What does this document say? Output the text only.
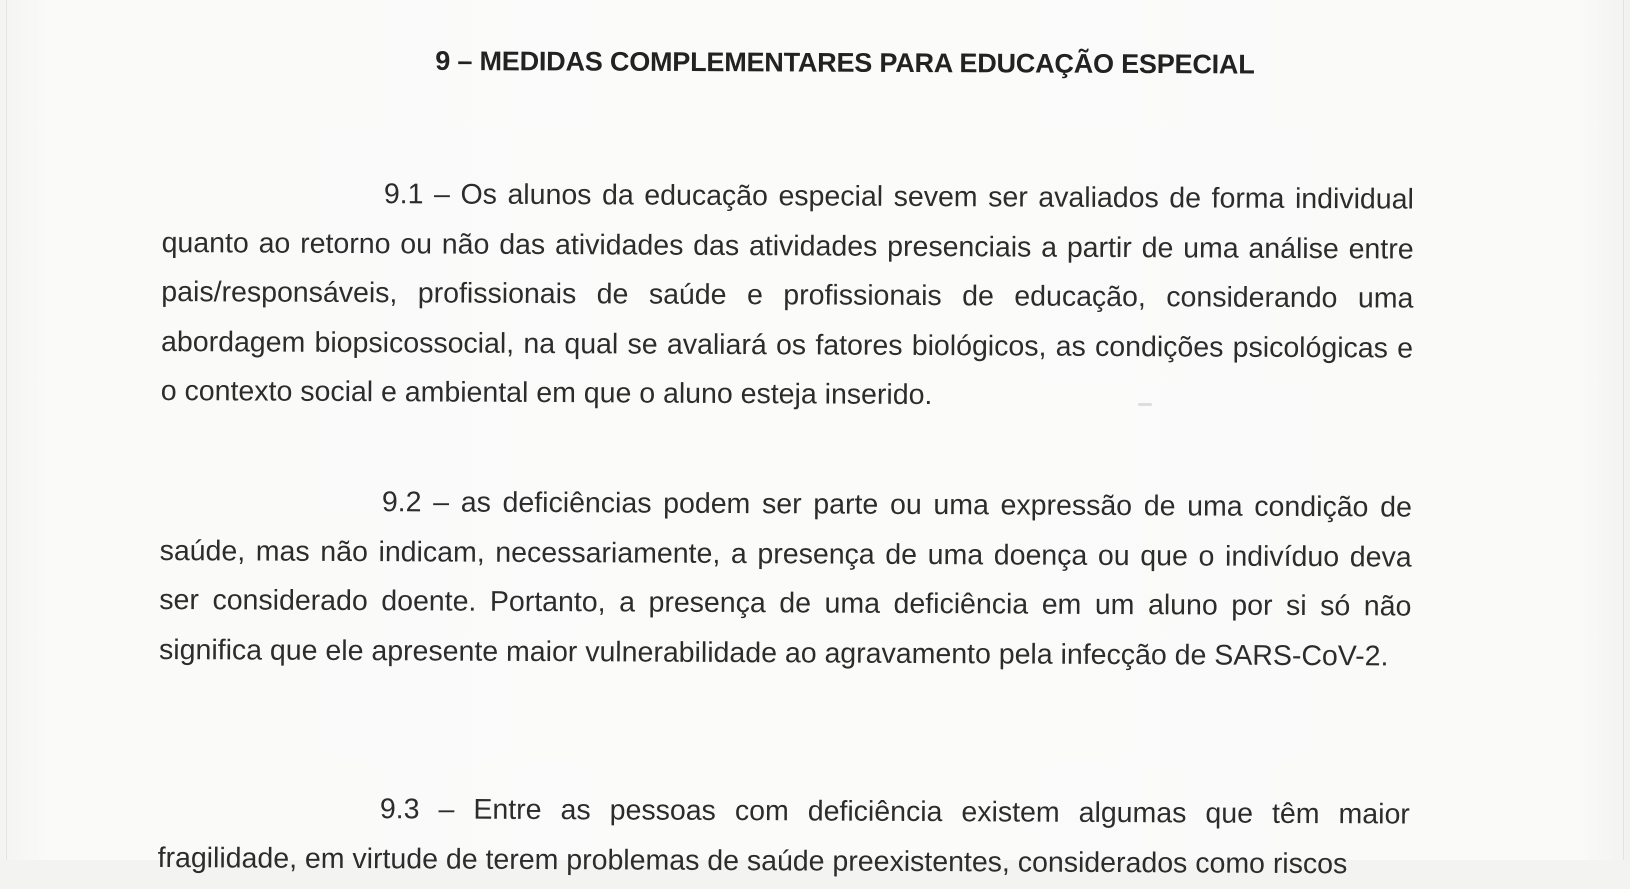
9 – MEDIDAS COMPLEMENTARES PARA EDUCAÇÃO ESPECIAL

9.1 – Os alunos da educação especial sevem ser avaliados de forma individual quanto ao retorno ou não das atividades das atividades presenciais a partir de uma análise entre pais/responsáveis, profissionais de saúde e profissionais de educação, considerando uma abordagem biopsicossocial, na qual se avaliará os fatores biológicos, as condições psicológicas e o contexto social e ambiental em que o aluno esteja inserido.

9.2 – as deficiências podem ser parte ou uma expressão de uma condição de saúde, mas não indicam, necessariamente, a presença de uma doença ou que o indivíduo deva ser considerado doente. Portanto, a presença de uma deficiência em um aluno por si só não significa que ele apresente maior vulnerabilidade ao agravamento pela infecção de SARS-CoV-2.

9.3 – Entre as pessoas com deficiência existem algumas que têm maior fragilidade, em virtude de terem problemas de saúde preexistentes, considerados como riscos
